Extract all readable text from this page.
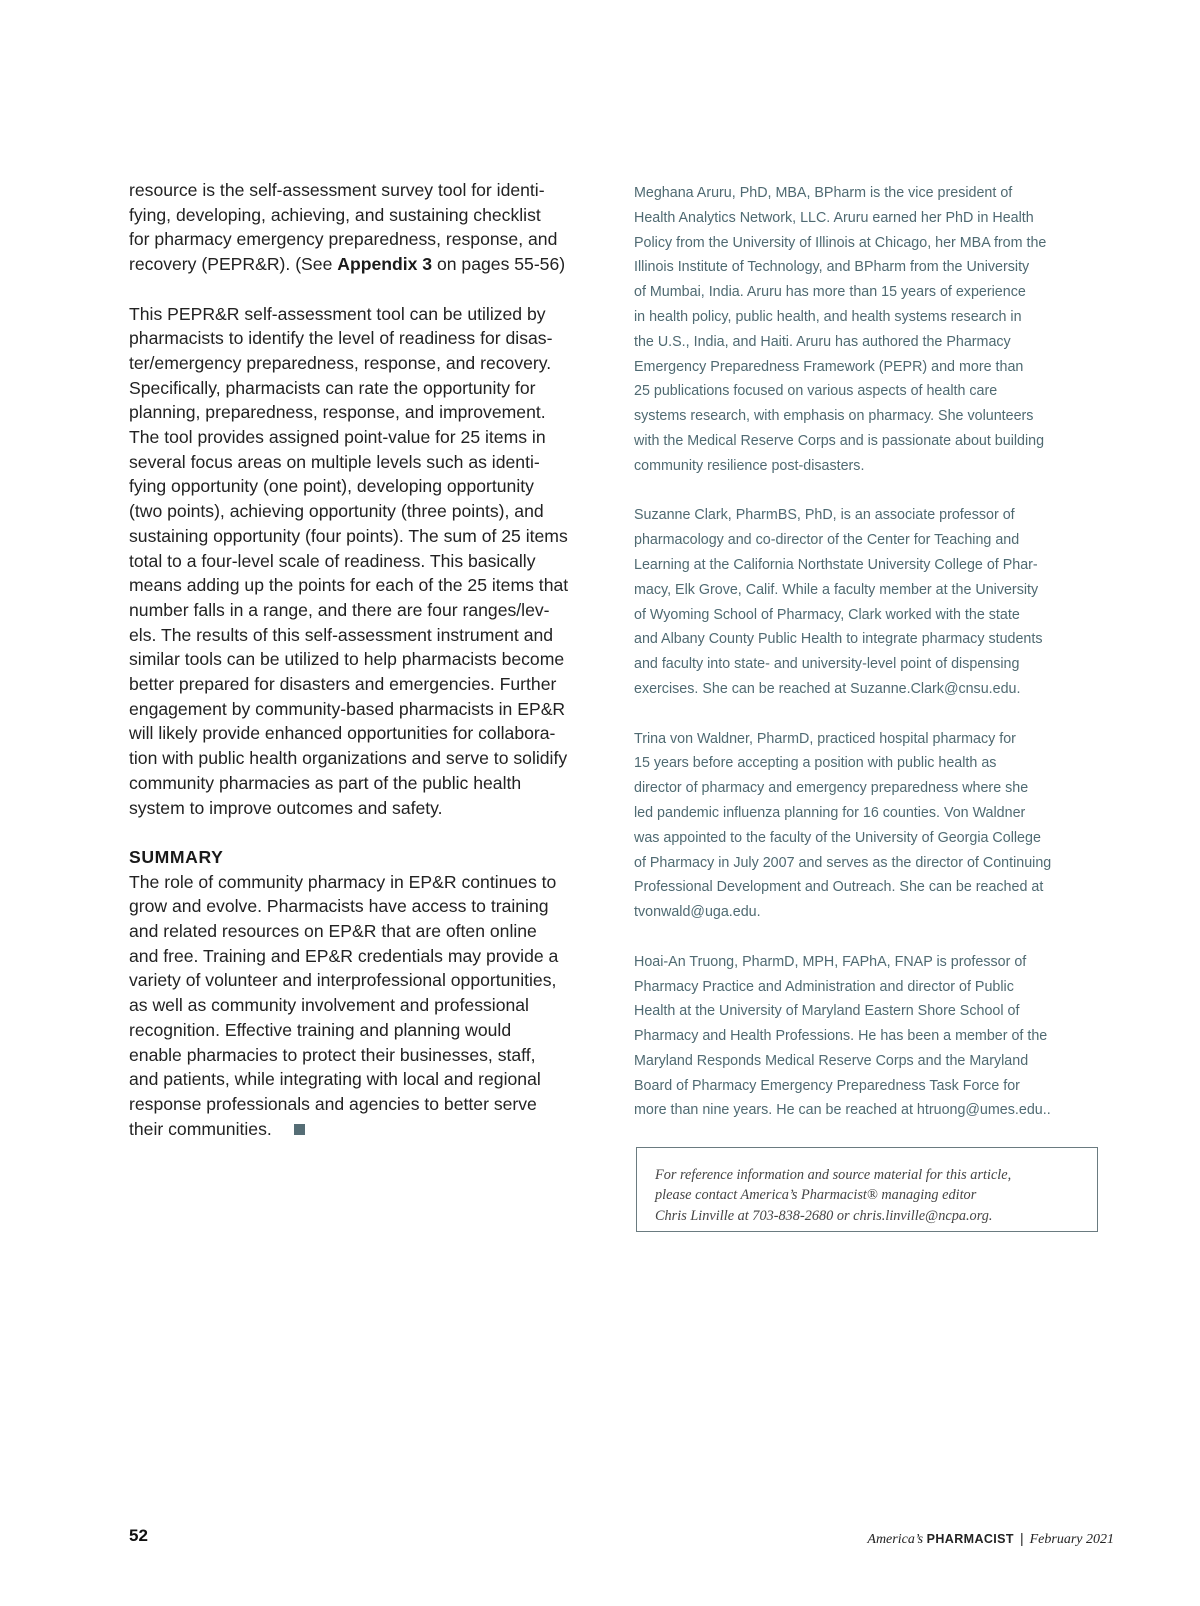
resource is the self-assessment survey tool for identi-
fying, developing, achieving, and sustaining checklist
for pharmacy emergency preparedness, response, and
recovery (PEPR&R). (See Appendix 3 on pages 55-56)

This PEPR&R self-assessment tool can be utilized by
pharmacists to identify the level of readiness for disas-
ter/emergency preparedness, response, and recovery.
Specifically, pharmacists can rate the opportunity for
planning, preparedness, response, and improvement.
The tool provides assigned point-value for 25 items in
several focus areas on multiple levels such as identi-
fying opportunity (one point), developing opportunity
(two points), achieving opportunity (three points), and
sustaining opportunity (four points). The sum of 25 items
total to a four-level scale of readiness. This basically
means adding up the points for each of the 25 items that
number falls in a range, and there are four ranges/lev-
els. The results of this self-assessment instrument and
similar tools can be utilized to help pharmacists become
better prepared for disasters and emergencies. Further
engagement by community-based pharmacists in EP&R
will likely provide enhanced opportunities for collabora-
tion with public health organizations and serve to solidify
community pharmacies as part of the public health
system to improve outcomes and safety.

SUMMARY

The role of community pharmacy in EP&R continues to
grow and evolve. Pharmacists have access to training
and related resources on EP&R that are often online
and free. Training and EP&R credentials may provide a
variety of volunteer and interprofessional opportunities,
as well as community involvement and professional
recognition. Effective training and planning would
enable pharmacies to protect their businesses, staff,
and patients, while integrating with local and regional
response professionals and agencies to better serve
their communities.

Meghana Aruru, PhD, MBA, BPharm is the vice president of
Health Analytics Network, LLC. Aruru earned her PhD in Health
Policy from the University of Illinois at Chicago, her MBA from the
Illinois Institute of Technology, and BPharm from the University
of Mumbai, India. Aruru has more than 15 years of experience
in health policy, public health, and health systems research in
the U.S., India, and Haiti. Aruru has authored the Pharmacy
Emergency Preparedness Framework (PEPR) and more than
25 publications focused on various aspects of health care
systems research, with emphasis on pharmacy. She volunteers
with the Medical Reserve Corps and is passionate about building
community resilience post-disasters.

Suzanne Clark, PharmBS, PhD, is an associate professor of
pharmacology and co-director of the Center for Teaching and
Learning at the California Northstate University College of Phar-
macy, Elk Grove, Calif. While a faculty member at the University
of Wyoming School of Pharmacy, Clark worked with the state
and Albany County Public Health to integrate pharmacy students
and faculty into state- and university-level point of dispensing
exercises. She can be reached at Suzanne.Clark@cnsu.edu.

Trina von Waldner, PharmD, practiced hospital pharmacy for
15 years before accepting a position with public health as
director of pharmacy and emergency preparedness where she
led pandemic influenza planning for 16 counties. Von Waldner
was appointed to the faculty of the University of Georgia College
of Pharmacy in July 2007 and serves as the director of Continuing
Professional Development and Outreach. She can be reached at
tvonwald@uga.edu.

Hoai-An Truong, PharmD, MPH, FAPhA, FNAP is professor of
Pharmacy Practice and Administration and director of Public
Health at the University of Maryland Eastern Shore School of
Pharmacy and Health Professions. He has been a member of the
Maryland Responds Medical Reserve Corps and the Maryland
Board of Pharmacy Emergency Preparedness Task Force for
more than nine years. He can be reached at htruong@umes.edu..

For reference information and source material for this article,
please contact America’s Pharmacist® managing editor
Chris Linville at 703-838-2680 or chris.linville@ncpa.org.
52	America’s PHARMACIST | February 2021
